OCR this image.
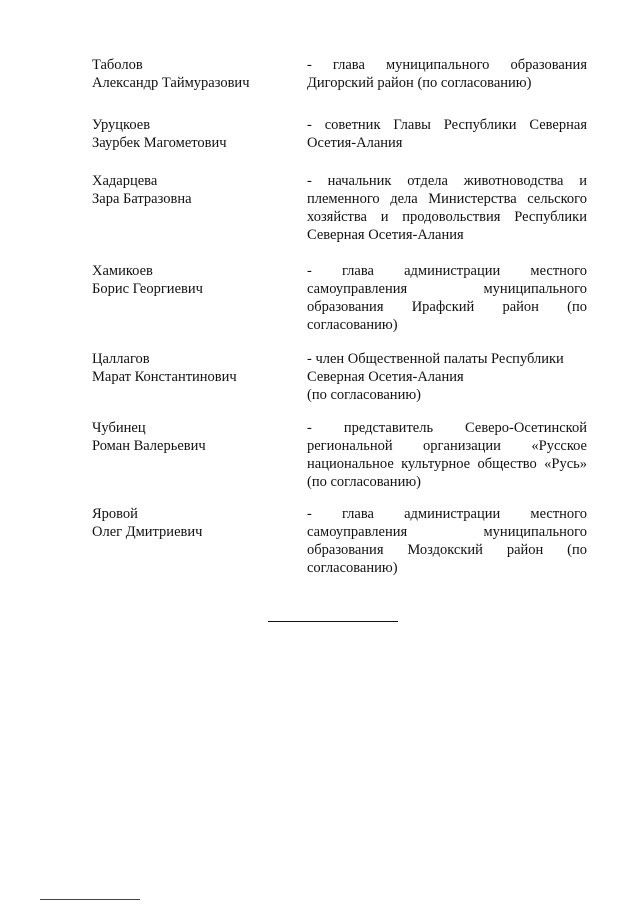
Таболов
Александр Таймуразович
- глава муниципального образования
Дигорский район (по согласованию)
Уруцкоев
Заурбек Магометович
- советник Главы Республики Северная
Осетия-Алания
Хадарцева
Зара Батразовна
- начальник отдела животноводства и
племенного дела Министерства сельского
хозяйства и продовольствия Республики
Северная Осетия-Алания
Хамикоев
Борис Георгиевич
- глава администрации местного
самоуправления муниципального
образования Ирафский район (по
согласованию)
Цаллагов
Марат Константинович
- член Общественной палаты Республики
Северная Осетия-Алания
(по согласованию)
Чубинец
Роман Валерьевич
- представитель Северо-Осетинской
региональной организации «Русское
национальное культурное общество «Русь»
(по согласованию)
Яровой
Олег Дмитриевич
- глава администрации местного
самоуправления муниципального
образования Моздокский район (по
согласованию)
